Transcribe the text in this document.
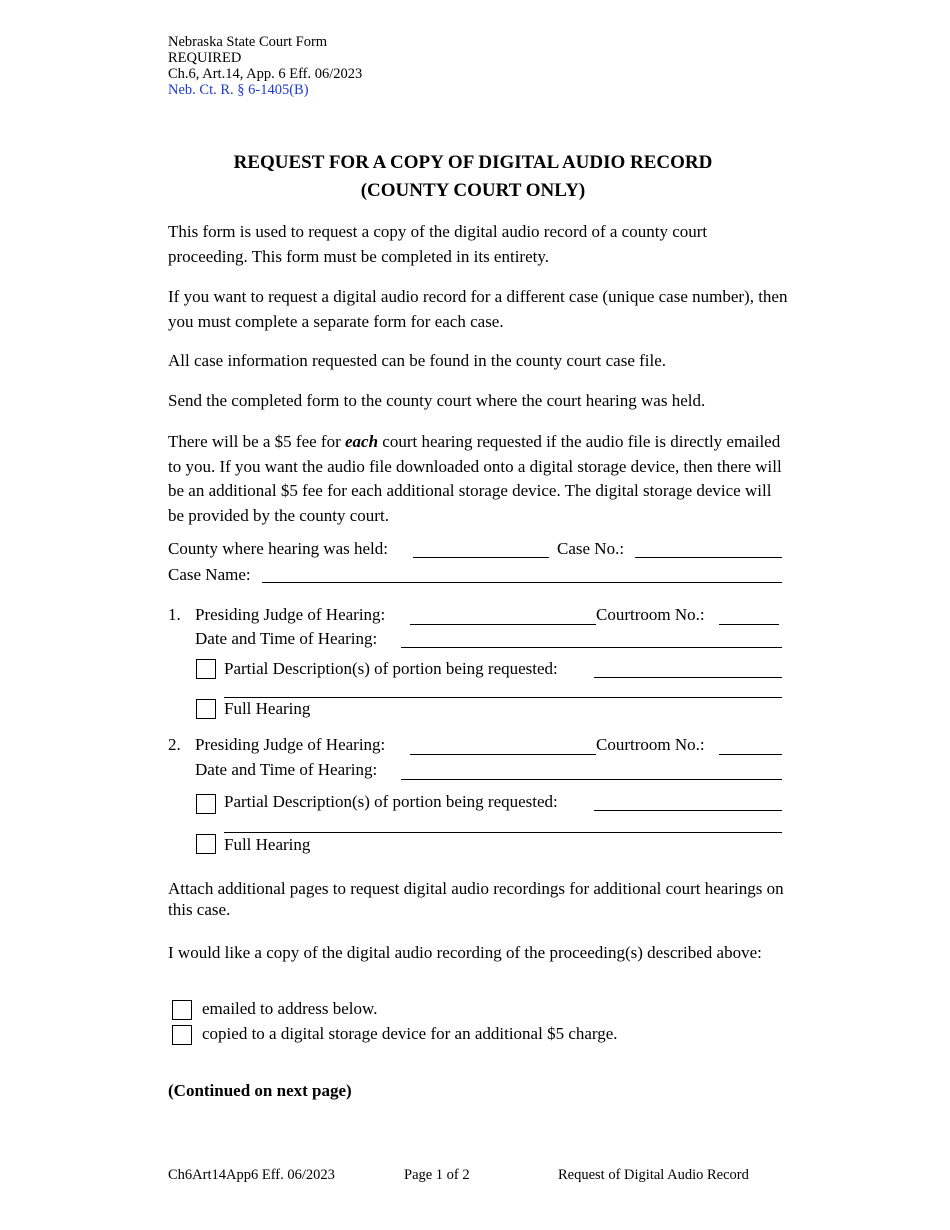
Nebraska State Court Form
REQUIRED
Ch.6, Art.14, App. 6 Eff. 06/2023
Neb. Ct. R. § 6-1405(B)
REQUEST FOR A COPY OF DIGITAL AUDIO RECORD
(COUNTY COURT ONLY)
This form is used to request a copy of the digital audio record of a county court proceeding. This form must be completed in its entirety.
If you want to request a digital audio record for a different case (unique case number), then you must complete a separate form for each case.
All case information requested can be found in the county court case file.
Send the completed form to the county court where the court hearing was held.
There will be a $5 fee for each court hearing requested if the audio file is directly emailed to you. If you want the audio file downloaded onto a digital storage device, then there will be an additional $5 fee for each additional storage device. The digital storage device will be provided by the county court.
County where hearing was held:	Case No.:
Case Name:
1. Presiding Judge of Hearing:	Courtroom No.:
Date and Time of Hearing:
Partial Description(s) of portion being requested:
Full Hearing
2. Presiding Judge of Hearing:	Courtroom No.:
Date and Time of Hearing:
Partial Description(s) of portion being requested:
Full Hearing
Attach additional pages to request digital audio recordings for additional court hearings on this case.
I would like a copy of the digital audio recording of the proceeding(s) described above:
emailed to address below.
copied to a digital storage device for an additional $5 charge.
(Continued on next page)
Ch6Art14App6 Eff. 06/2023	Page 1 of 2	Request of Digital Audio Record
